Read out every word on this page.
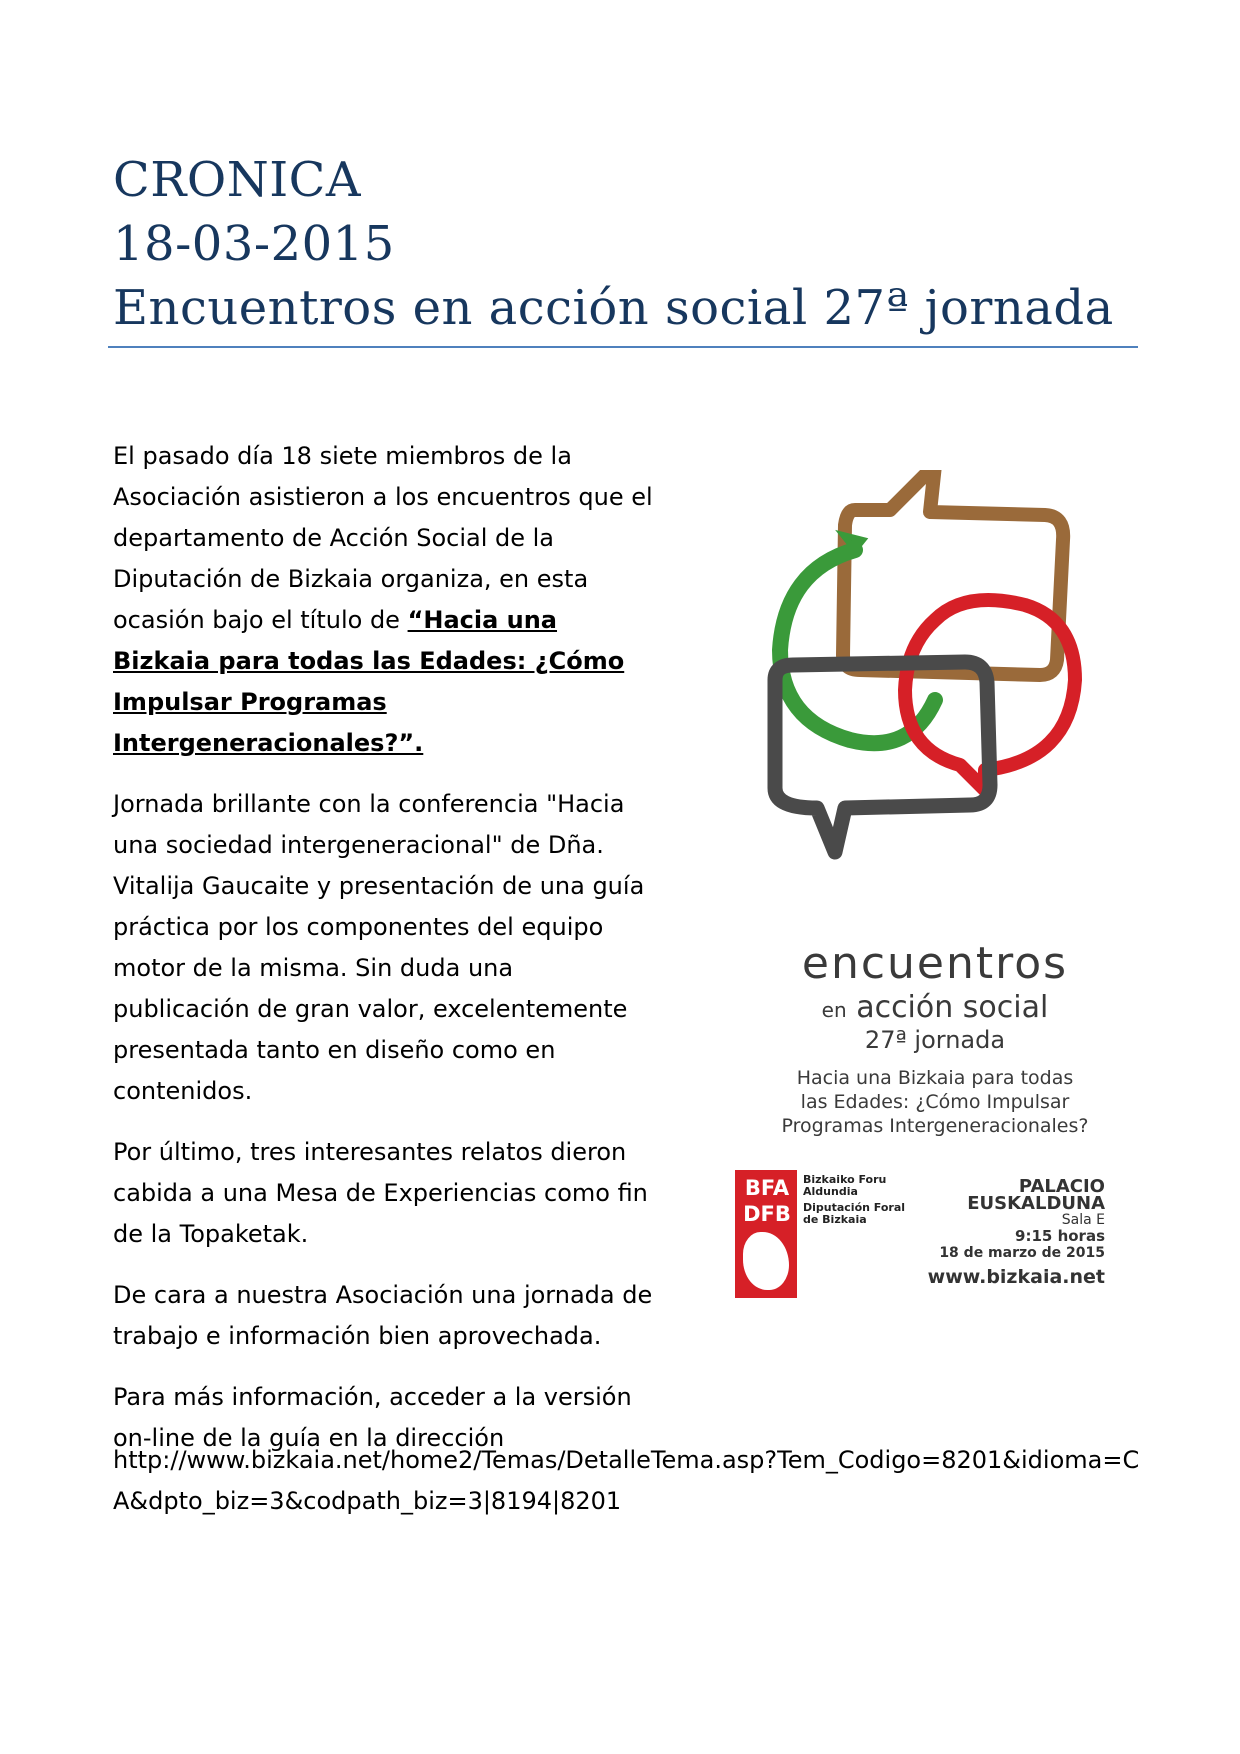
CRONICA
18-03-2015
Encuentros en acción social 27ª jornada

El pasado día 18 siete miembros de la Asociación asistieron a los encuentros que el departamento de Acción Social de la Diputación de Bizkaia organiza, en esta ocasión bajo el título de “Hacia una Bizkaia para todas las Edades: ¿Cómo Impulsar Programas Intergeneracionales?”.

Jornada brillante con la conferencia "Hacia una sociedad intergeneracional" de Dña. Vitalija Gaucaite y presentación de una guía práctica por los componentes del equipo motor de la misma. Sin duda una publicación de gran valor, excelentemente presentada tanto en diseño como en contenidos.

Por último, tres interesantes relatos dieron cabida a una Mesa de Experiencias como fin de la Topaketak.

De cara a nuestra Asociación una jornada de trabajo e información bien aprovechada.

Para más información, acceder a la versión on-line de la guía en la dirección

http://www.bizkaia.net/home2/Temas/DetalleTema.asp?Tem_Codigo=8201&idioma=CA&dpto_biz=3&codpath_biz=3|8194|8201
encuentros
en acción social
27ª jornada
Hacia una Bizkaia para todas
las Edades: ¿Cómo Impulsar
Programas Intergeneracionales?
BFA
DFB
Bizkaiko Foru Aldundia
Diputación Foral de Bizkaia
PALACIO
EUSKALDUNA
Sala E
9:15 horas
18 de marzo de 2015
www.bizkaia.net
